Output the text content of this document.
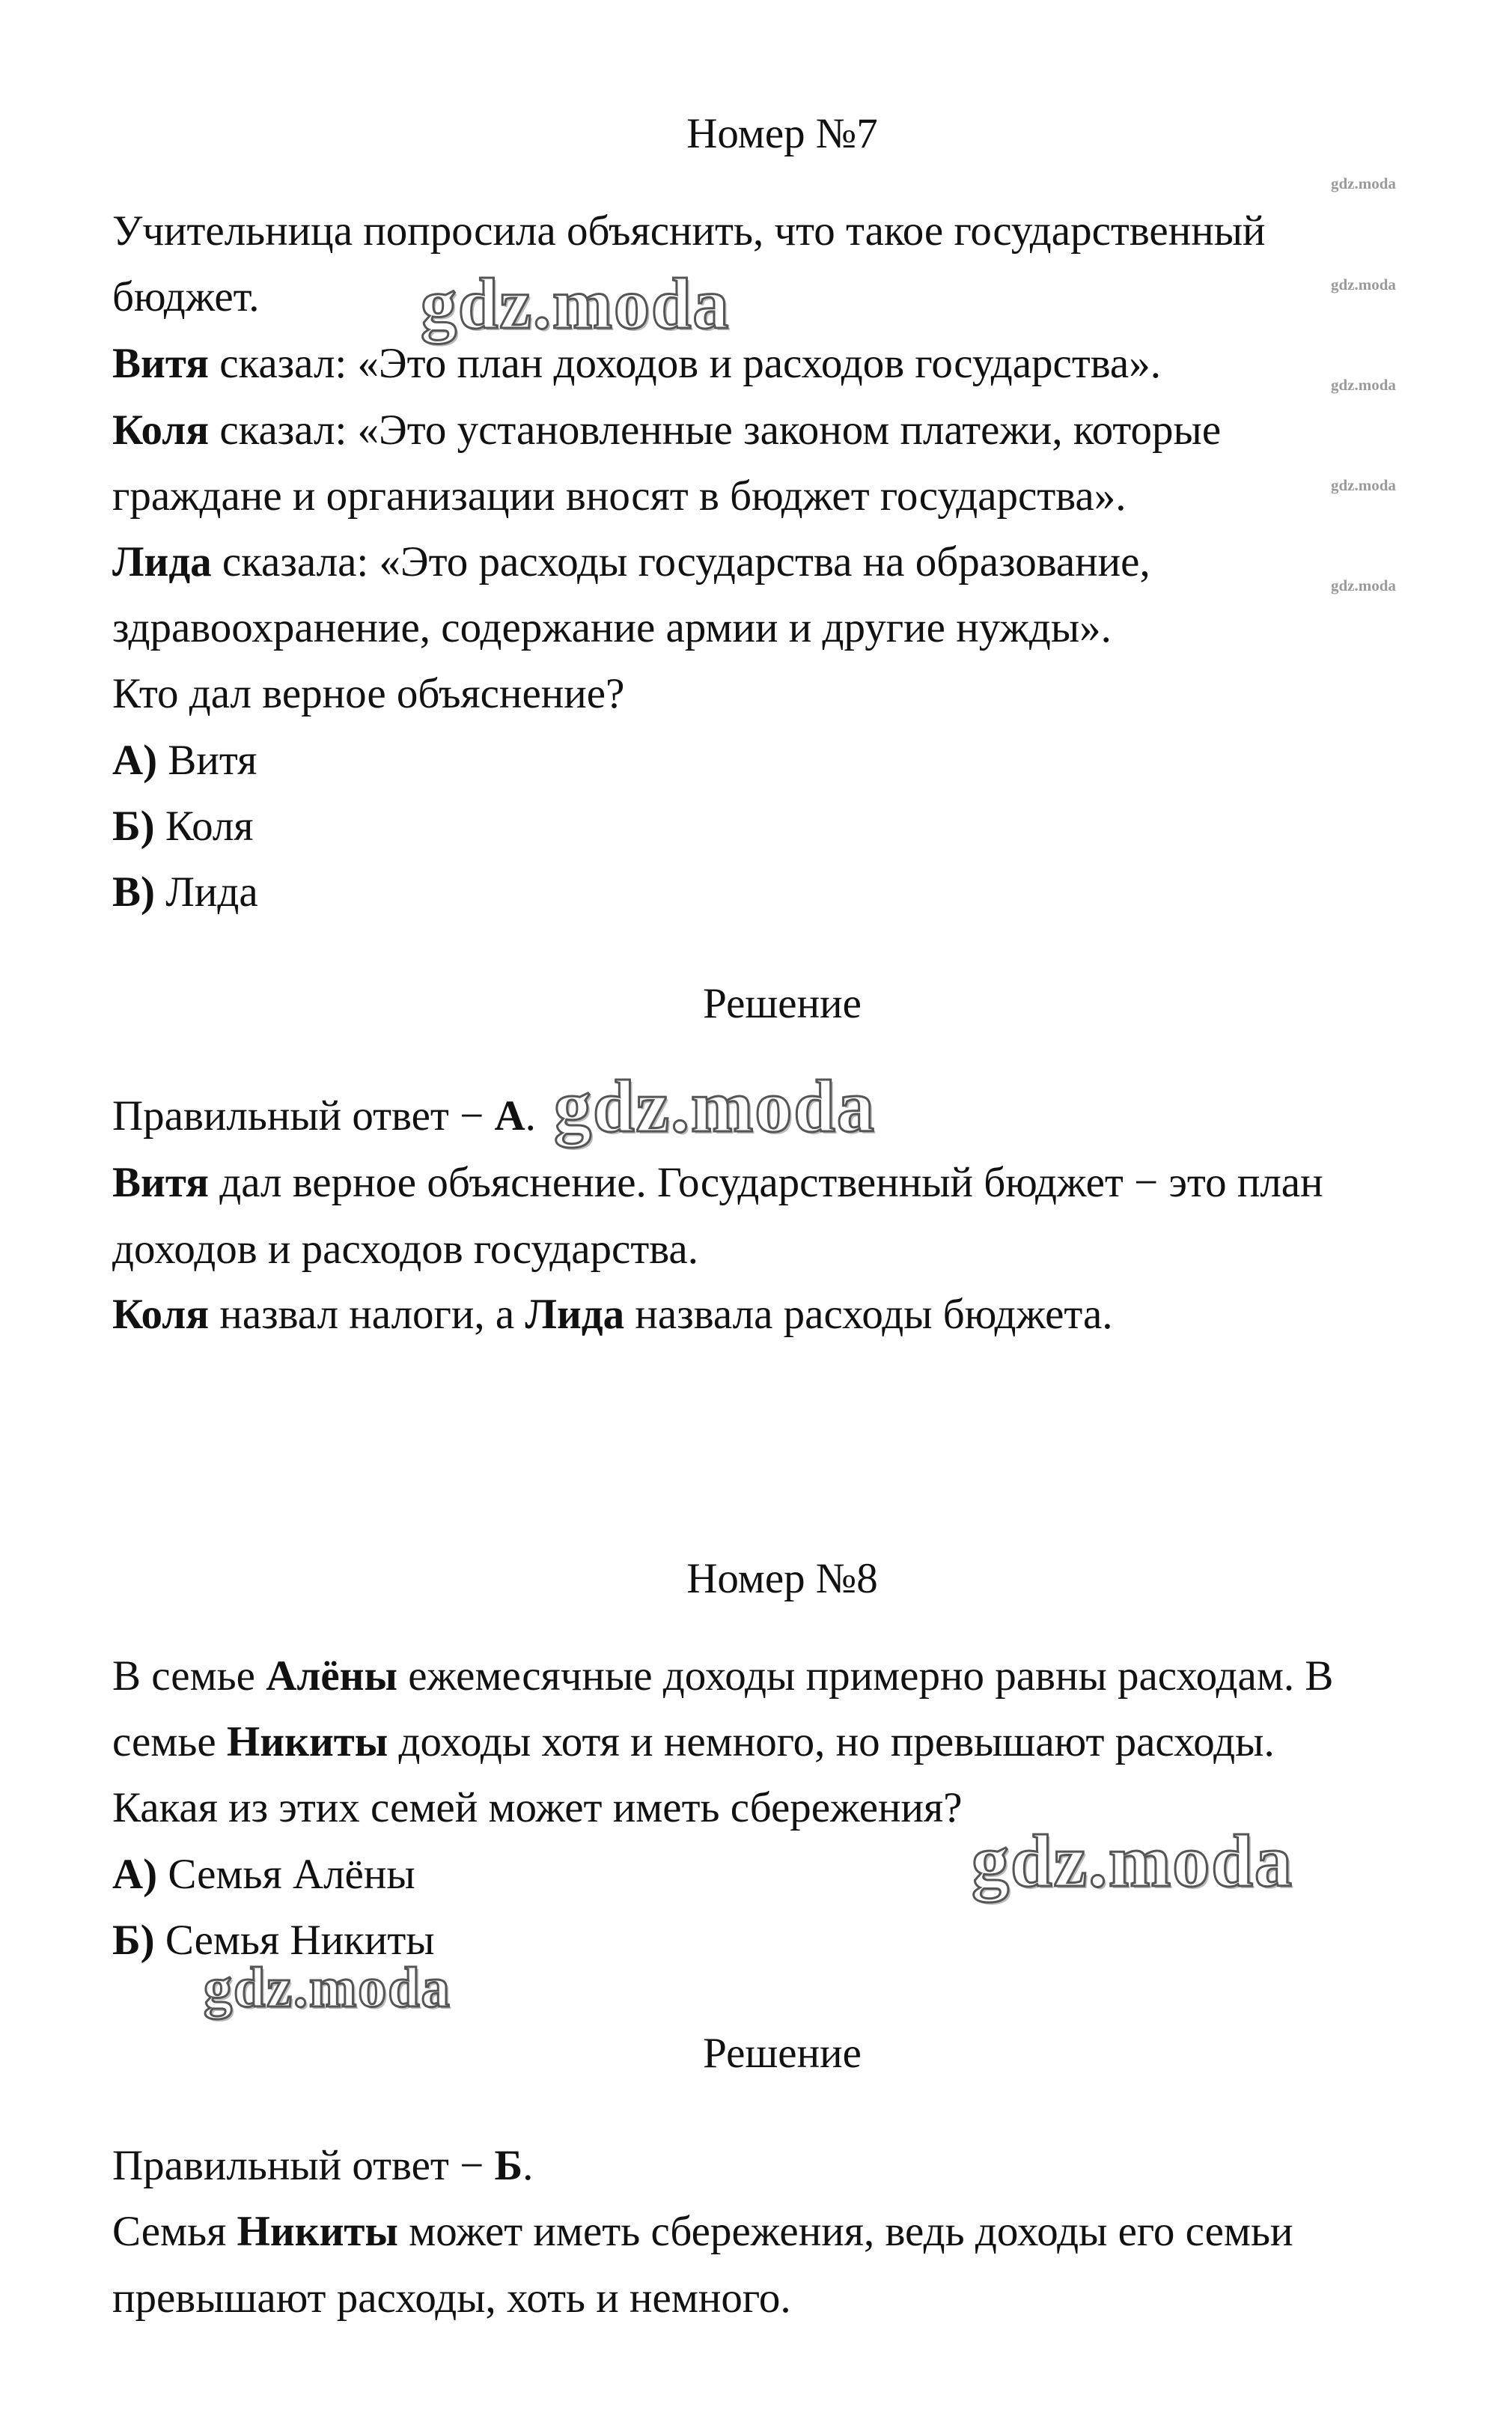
gdz.moda
gdz.moda
gdz.moda
gdz.moda
gdz.moda
Номер №7
Учительница попросила объяснить, что такое государственный
бюджет.
Витя сказал: «Это план доходов и расходов государства».
Коля сказал: «Это установленные законом платежи, которые
граждане и организации вносят в бюджет государства».
Лида сказала: «Это расходы государства на образование,
здравоохранение, содержание армии и другие нужды».
Кто дал верное объяснение?
А) Витя
Б) Коля
В) Лида
Решение
Правильный ответ − А.
Витя дал верное объяснение. Государственный бюджет − это план
доходов и расходов государства.
Коля назвал налоги, а Лида назвала расходы бюджета.
Номер №8
В семье Алёны ежемесячные доходы примерно равны расходам. В
семье Никиты доходы хотя и немного, но превышают расходы.
Какая из этих семей может иметь сбережения?
А) Семья Алёны
Б) Семья Никиты
Решение
Правильный ответ − Б.
Семья Никиты может иметь сбережения, ведь доходы его семьи
превышают расходы, хоть и немного.
gdz.moda
gdz.moda
gdz.moda
gdz.moda
